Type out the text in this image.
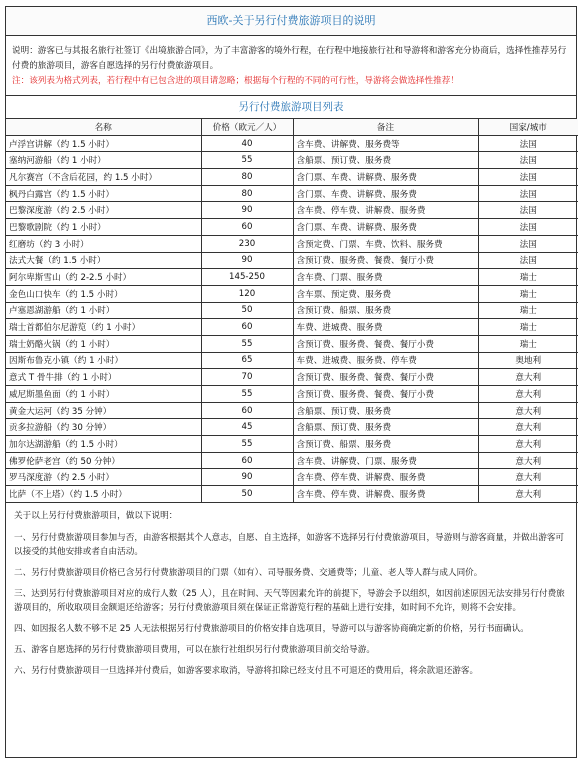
西欧-关于另行付费旅游项目的说明
说明：游客已与其报名旅行社签订《出境旅游合同》，为了丰富游客的境外行程，在行程中地接旅行社和导游将和游客充分协商后，选择性推荐另行付费的旅游项目，游客自愿选择的另行付费旅游项目。
注：该列表为格式列表，若行程中有已包含进的项目请忽略；根据每个行程的不同的可行性，导游将会做选择性推荐！
另行付费旅游项目列表
名称	价格（欧元／人）	备注	国家/城市
卢浮宫讲解（约 1.5 小时）	40	含车费、讲解费、服务费等	法国
塞纳河游船（约 1 小时）	55	含船票、预订费、服务费	法国
凡尔赛宫（不含后花园，约 1.5 小时）	80	含门票、车费、讲解费、服务费	法国
枫丹白露宫（约 1.5 小时）	80	含门票、车费、讲解费、服务费	法国
巴黎深度游（约 2.5 小时）	90	含车费、停车费、讲解费、服务费	法国
巴黎歌剧院（约 1 小时）	60	含门票、车费、讲解费、服务费	法国
红磨坊（约 3 小时）	230	含预定费、门票、车费、饮料、服务费	法国
法式大餐（约 1.5 小时）	90	含预订费、服务费、餐费、餐厅小费	法国
阿尔卑斯雪山（约 2-2.5 小时）	145-250	含车费、门票、服务费	瑞士
金色山口快车（约 1.5 小时）	120	含车票、预定费、服务费	瑞士
卢塞恩湖游船（约 1 小时）	50	含预订费、船票、服务费	瑞士
瑞士首都伯尔尼游览（约 1 小时）	60	车费、进城费、服务费	瑞士
瑞士奶酪火锅（约 1 小时）	55	含预订费、服务费、餐费、餐厅小费	瑞士
因斯布鲁克小镇（约 1 小时）	65	车费、进城费、服务费、停车费	奥地利
意式 T 骨牛排（约 1 小时）	70	含预订费、服务费、餐费、餐厅小费	意大利
威尼斯墨鱼面（约 1 小时）	55	含预订费、服务费、餐费、餐厅小费	意大利
黄金大运河（约 35 分钟）	60	含船票、预订费、服务费	意大利
贡多拉游船（约 30 分钟）	45	含船票、预订费、服务费	意大利
加尔达湖游船（约 1.5 小时）	55	含预订费、船票、服务费	意大利
佛罗伦萨老宫（约 50 分钟）	60	含车费、讲解费、门票、服务费	意大利
罗马深度游（约 2.5 小时）	90	含车费、停车费、讲解费、服务费	意大利
比萨（不上塔）（约 1.5 小时）	50	含车费、停车费、讲解费、服务费	意大利

关于以上另行付费旅游项目，做以下说明：

一、另行付费旅游项目参加与否，由游客根据其个人意志，自愿、自主选择，如游客不选择另行付费旅游项目，导游则与游客商量，并做出游客可以接受的其他安排或者自由活动。

二、另行付费旅游项目价格已含另行付费旅游项目的门票（如有）、司导服务费、交通费等；儿童、老人等人群与成人同价。

三、达到另行付费旅游项目对应的成行人数（25 人），且在时间、天气等因素允许的前提下，导游会予以组织，如因前述原因无法安排另行付费旅游项目的，所收取项目金额退还给游客；另行付费旅游项目须在保证正常游览行程的基础上进行安排，如时间不允许，则将不会安排。

四、如因报名人数不够不足 25 人无法根据另行付费旅游项目的价格安排自选项目，导游可以与游客协商确定新的价格，另行书面确认。

五、游客自愿选择的另行付费旅游项目费用，可以在旅行社组织另行付费旅游项目前交给导游。

六、另行付费旅游项目一旦选择并付费后，如游客要求取消，导游将扣除已经支付且不可退还的费用后，将余款退还游客。
